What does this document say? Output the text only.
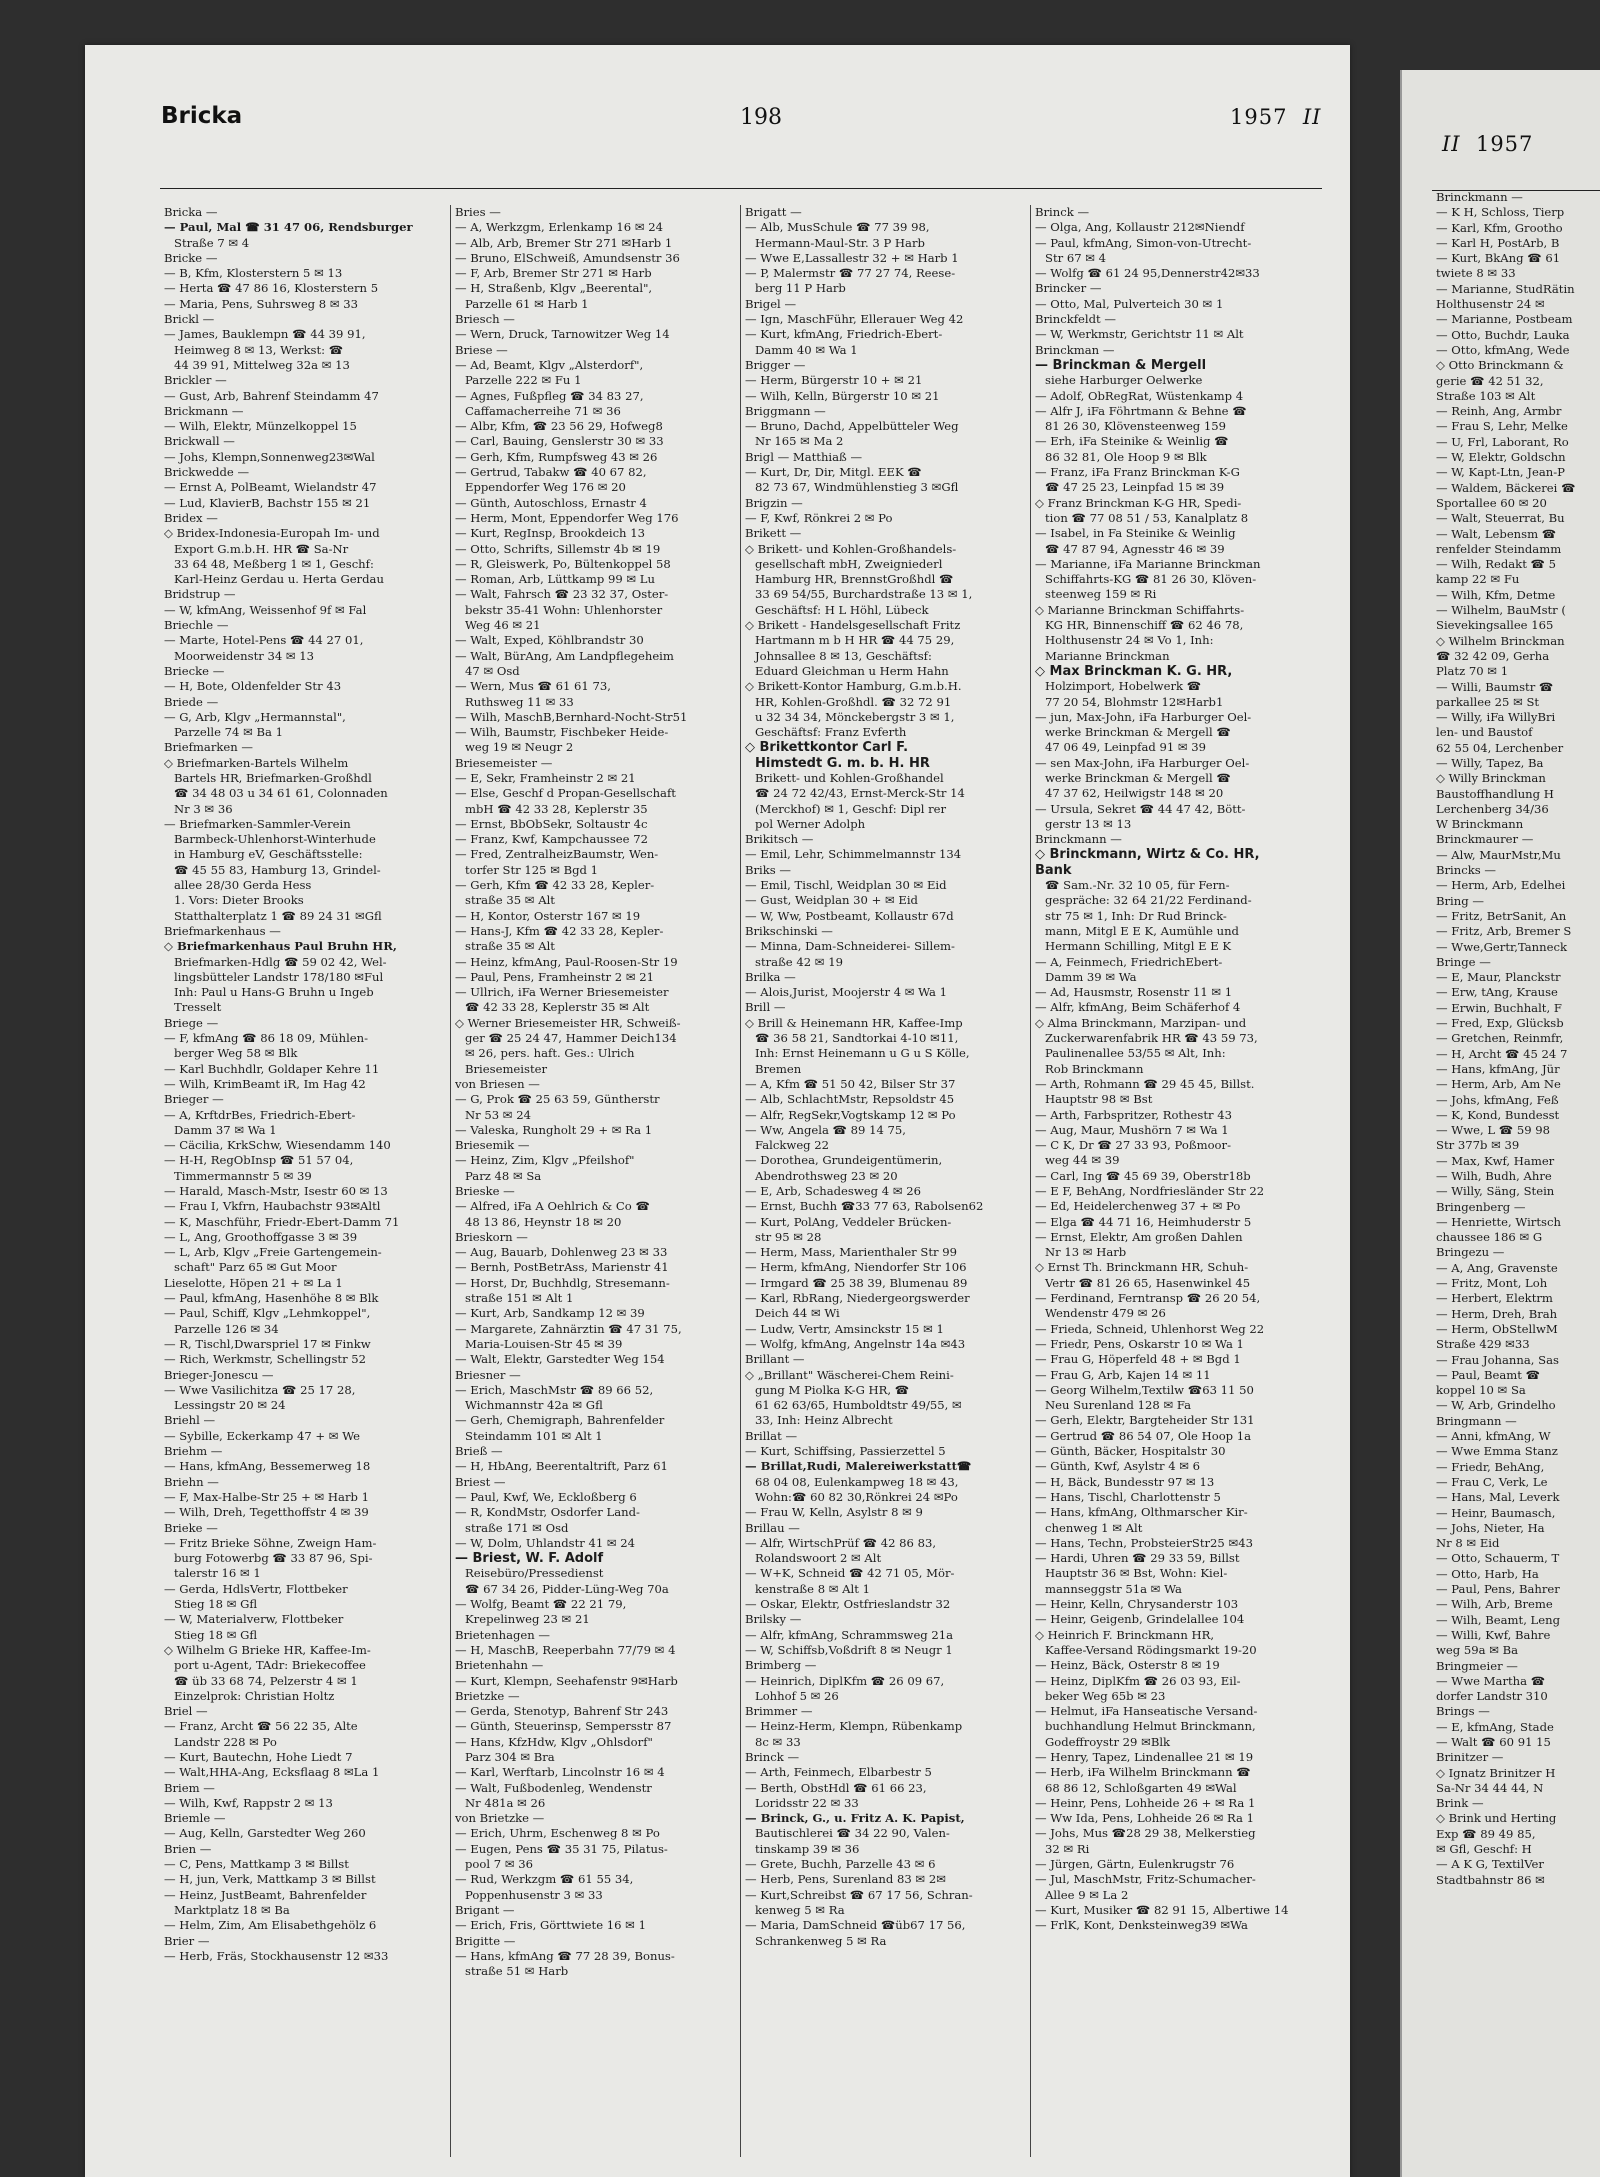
Bricka	198	1957 II
Bricka —
— Paul, Mal ☎ 31 47 06, Rendsburger
Straße 7 ✉ 4
Bricke —
— B, Kfm, Klosterstern 5 ✉ 13
— Herta ☎ 47 86 16, Klosterstern 5
— Maria, Pens, Suhrsweg 8 ✉ 33
Brickl —
— James, Bauklempn ☎ 44 39 91,
Heimweg 8 ✉ 13, Werkst: ☎
44 39 91, Mittelweg 32a ✉ 13
Brickler —
— Gust, Arb, Bahrenf Steindamm 47
Brickmann —
— Wilh, Elektr, Münzelkoppel 15
Brickwall —
— Johs, Klempn,Sonnenweg23✉Wal
Brickwedde —
— Ernst A, PolBeamt, Wielandstr 47
— Lud, KlavierB, Bachstr 155 ✉ 21
Bridex —
◇ Bridex-Indonesia-Europah Im- und
Export G.m.b.H. HR ☎ Sa-Nr
33 64 48, Meßberg 1 ✉ 1, Geschf:
Karl-Heinz Gerdau u. Herta Gerdau
Bridstrup —
— W, kfmAng, Weissenhof 9f ✉ Fal
Briechle —
— Marte, Hotel-Pens ☎ 44 27 01,
Moorweidenstr 34 ✉ 13
Briecke —
— H, Bote, Oldenfelder Str 43
Briede —
— G, Arb, Klgv „Hermannstal",
Parzelle 74 ✉ Ba 1
Briefmarken —
◇ Briefmarken-Bartels Wilhelm
Bartels HR, Briefmarken-Großhdl
☎ 34 48 03 u 34 61 61, Colonnaden
Nr 3 ✉ 36
— Briefmarken-Sammler-Verein
Barmbeck-Uhlenhorst-Winterhude
in Hamburg eV, Geschäftsstelle:
☎ 45 55 83, Hamburg 13, Grindel-
allee 28/30 Gerda Hess
1. Vors: Dieter Brooks
Statthalterplatz 1 ☎ 89 24 31 ✉Gfl
Briefmarkenhaus —
◇ Briefmarkenhaus Paul Bruhn HR,
Briefmarken-Hdlg ☎ 59 02 42, Wel-
lingsbütteler Landstr 178/180 ✉Ful
Inh: Paul u Hans-G Bruhn u Ingeb
Tresselt
Briege —
— F, kfmAng ☎ 86 18 09, Mühlen-
berger Weg 58 ✉ Blk
— Karl Buchhdlr, Goldaper Kehre 11
— Wilh, KrimBeamt iR, Im Hag 42
Brieger —
— A, KrftdrBes, Friedrich-Ebert-
Damm 37 ✉ Wa 1
— Cäcilia, KrkSchw, Wiesendamm 140
— H-H, RegObInsp ☎ 51 57 04,
Timmermannstr 5 ✉ 39
— Harald, Masch-Mstr, Isestr 60 ✉ 13
— Frau I, Vkfrn, Haubachstr 93✉Altl
— K, Maschführ, Friedr-Ebert-Damm 71
— L, Ang, Groothoffgasse 3 ✉ 39
— L, Arb, Klgv „Freie Gartengemein-
schaft" Parz 65 ✉ Gut Moor
Lieselotte, Höpen 21 + ✉ La 1
— Paul, kfmAng, Hasenhöhe 8 ✉ Blk
— Paul, Schiff, Klgv „Lehmkoppel",
Parzelle 126 ✉ 34
— R, Tischl,Dwarspriel 17 ✉ Finkw
— Rich, Werkmstr, Schellingstr 52
Brieger-Jonescu —
— Wwe Vasilichitza ☎ 25 17 28,
Lessingstr 20 ✉ 24
Briehl —
— Sybille, Eckerkamp 47 + ✉ We
Briehm —
— Hans, kfmAng, Bessemerweg 18
Briehn —
— F, Max-Halbe-Str 25 + ✉ Harb 1
— Wilh, Dreh, Tegetthoffstr 4 ✉ 39
Brieke —
— Fritz Brieke Söhne, Zweign Ham-
burg Fotowerbg ☎ 33 87 96, Spi-
talerstr 16 ✉ 1
— Gerda, HdlsVertr, Flottbeker
Stieg 18 ✉ Gfl
— W, Materialverw, Flottbeker
Stieg 18 ✉ Gfl
◇ Wilhelm G Brieke HR, Kaffee-Im-
port u-Agent, TAdr: Briekecoffee
☎ üb 33 68 74, Pelzerstr 4 ✉ 1
Einzelprok: Christian Holtz
Briel —
— Franz, Archt ☎ 56 22 35, Alte
Landstr 228 ✉ Po
— Kurt, Bautechn, Hohe Liedt 7
— Walt,HHA-Ang, Ecksflaag 8 ✉La 1
Briem —
— Wilh, Kwf, Rappstr 2 ✉ 13
Briemle —
— Aug, Kelln, Garstedter Weg 260
Brien —
— C, Pens, Mattkamp 3 ✉ Billst
— H, jun, Verk, Mattkamp 3 ✉ Billst
— Heinz, JustBeamt, Bahrenfelder
Marktplatz 18 ✉ Ba
— Helm, Zim, Am Elisabethgehölz 6
Brier —
— Herb, Fräs, Stockhausenstr 12 ✉33
Bries —
— A, Werkzgm, Erlenkamp 16 ✉ 24
— Alb, Arb, Bremer Str 271 ✉Harb 1
— Bruno, ElSchweiß, Amundsenstr 36
— F, Arb, Bremer Str 271 ✉ Harb
— H, Straßenb, Klgv „Beerental",
Parzelle 61 ✉ Harb 1
Briesch —
— Wern, Druck, Tarnowitzer Weg 14
Briese —
— Ad, Beamt, Klgv „Alsterdorf",
Parzelle 222 ✉ Fu 1
— Agnes, Fußpfleg ☎ 34 83 27,
Caffamacherreihe 71 ✉ 36
— Albr, Kfm, ☎ 23 56 29, Hofweg8
— Carl, Bauing, Genslerstr 30 ✉ 33
— Gerh, Kfm, Rumpfsweg 43 ✉ 26
— Gertrud, Tabakw ☎ 40 67 82,
Eppendorfer Weg 176 ✉ 20
— Günth, Autoschloss, Ernastr 4
— Herm, Mont, Eppendorfer Weg 176
— Kurt, RegInsp, Brookdeich 13
— Otto, Schrifts, Sillemstr 4b ✉ 19
— R, Gleiswerk, Po, Bültenkoppel 58
— Roman, Arb, Lüttkamp 99 ✉ Lu
— Walt, Fahrsch ☎ 23 32 37, Oster-
bekstr 35-41 Wohn: Uhlenhorster
Weg 46 ✉ 21
— Walt, Exped, Köhlbrandstr 30
— Walt, BürAng, Am Landpflegeheim
47 ✉ Osd
— Wern, Mus ☎ 61 61 73,
Ruthsweg 11 ✉ 33
— Wilh, MaschB,Bernhard-Nocht-Str51
— Wilh, Baumstr, Fischbeker Heide-
weg 19 ✉ Neugr 2
Briesemeister —
— E, Sekr, Framheinstr 2 ✉ 21
— Else, Geschf d Propan-Gesellschaft
mbH ☎ 42 33 28, Keplerstr 35
— Ernst, BbObSekr, Soltaustr 4c
— Franz, Kwf, Kampchaussee 72
— Fred, ZentralheizBaumstr, Wen-
torfer Str 125 ✉ Bgd 1
— Gerh, Kfm ☎ 42 33 28, Kepler-
straße 35 ✉ Alt
— H, Kontor, Osterstr 167 ✉ 19
— Hans-J, Kfm ☎ 42 33 28, Kepler-
straße 35 ✉ Alt
— Heinz, kfmAng, Paul-Roosen-Str 19
— Paul, Pens, Framheinstr 2 ✉ 21
— Ullrich, iFa Werner Briesemeister
☎ 42 33 28, Keplerstr 35 ✉ Alt
◇ Werner Briesemeister HR, Schweiß-
ger ☎ 25 24 47, Hammer Deich134
✉ 26, pers. haft. Ges.: Ulrich
Briesemeister
von Briesen —
— G, Prok ☎ 25 63 59, Güntherstr
Nr 53 ✉ 24
— Valeska, Rungholt 29 + ✉ Ra 1
Briesemik —
— Heinz, Zim, Klgv „Pfeilshof"
Parz 48 ✉ Sa
Brieske —
— Alfred, iFa A Oehlrich & Co ☎
48 13 86, Heynstr 18 ✉ 20
Brieskorn —
— Aug, Bauarb, Dohlenweg 23 ✉ 33
— Bernh, PostBetrAss, Marienstr 41
— Horst, Dr, Buchhdlg, Stresemann-
straße 151 ✉ Alt 1
— Kurt, Arb, Sandkamp 12 ✉ 39
— Margarete, Zahnärztin ☎ 47 31 75,
Maria-Louisen-Str 45 ✉ 39
— Walt, Elektr, Garstedter Weg 154
Briesner —
— Erich, MaschMstr ☎ 89 66 52,
Wichmannstr 42a ✉ Gfl
— Gerh, Chemigraph, Bahrenfelder
Steindamm 101 ✉ Alt 1
Brieß —
— H, HbAng, Beerentaltrift, Parz 61
Briest —
— Paul, Kwf, We, Eckloßberg 6
— R, KondMstr, Osdorfer Land-
straße 171 ✉ Osd
— W, Dolm, Uhlandstr 41 ✉ 24
— Briest, W. F. Adolf
Reisebüro/Pressedienst
☎ 67 34 26, Pidder-Lüng-Weg 70a
— Wolfg, Beamt ☎ 22 21 79,
Krepelinweg 23 ✉ 21
Brietenhagen —
— H, MaschB, Reeperbahn 77/79 ✉ 4
Brietenhahn —
— Kurt, Klempn, Seehafenstr 9✉Harb
Brietzke —
— Gerda, Stenotyp, Bahrenf Str 243
— Günth, Steuerinsp, Sempersstr 87
— Hans, KfzHdw, Klgv „Ohlsdorf"
Parz 304 ✉ Bra
— Karl, Werftarb, Lincolnstr 16 ✉ 4
— Walt, Fußbodenleg, Wendenstr
Nr 481a ✉ 26
von Brietzke —
— Erich, Uhrm, Eschenweg 8 ✉ Po
— Eugen, Pens ☎ 35 31 75, Pilatus-
pool 7 ✉ 36
— Rud, Werkzgm ☎ 61 55 34,
Poppenhusenstr 3 ✉ 33
Brigant —
— Erich, Fris, Görttwiete 16 ✉ 1
Brigitte —
— Hans, kfmAng ☎ 77 28 39, Bonus-
straße 51 ✉ Harb
Brigatt —
— Alb, MusSchule ☎ 77 39 98,
Hermann-Maul-Str. 3 P Harb
— Wwe E,Lassallestr 32 + ✉ Harb 1
— P, Malermstr ☎ 77 27 74, Reese-
berg 11 P Harb
Brigel —
— Ign, MaschFühr, Elleraueг Weg 42
— Kurt, kfmAng, Friedrich-Ebert-
Damm 40 ✉ Wa 1
Brigger —
— Herm, Bürgerstr 10 + ✉ 21
— Wilh, Kelln, Bürgerstr 10 ✉ 21
Briggmann —
— Bruno, Dachd, Appelbütteler Weg
Nr 165 ✉ Ma 2
Brigl — Matthiaß —
— Kurt, Dr, Dir, Mitgl. EEK ☎
82 73 67, Windmühlenstieg 3 ✉Gfl
Brigzin —
— F, Kwf, Rönkrei 2 ✉ Po
Brikett —
◇ Brikett- und Kohlen-Großhandels-
gesellschaft mbH, Zweigniederl
Hamburg HR, BrennstGroßhdl ☎
33 69 54/55, Burchardstraße 13 ✉ 1,
Geschäftsf: H L Höhl, Lübeck
◇ Brikett - Handelsgesellschaft Fritz
Hartmann m b H HR ☎ 44 75 29,
Johnsallee 8 ✉ 13, Geschäftsf:
Eduard Gleichman u Herm Hahn
◇ Brikett-Kontor Hamburg, G.m.b.H.
HR, Kohlen-Großhdl. ☎ 32 72 91
u 32 34 34, Mönckebergstr 3 ✉ 1,
Geschäftsf: Franz Evferth
◇ Brikettkontor Carl F.
Himstedt G. m. b. H. HR
Brikett- und Kohlen-Großhandel
☎ 24 72 42/43, Ernst-Merck-Str 14
(Merckhof) ✉ 1, Geschf: Dipl rer
pol Werner Adolph
Brikitsch —
— Emil, Lehr, Schimmelmannstr 134
Briks —
— Emil, Tischl, Weidplan 30 ✉ Eid
— Gust, Weidplan 30 + ✉ Eid
— W, Ww, Postbeamt, Kollaustr 67d
Brikschinski —
— Minna, Dam-Schneiderei- Sillem-
straße 42 ✉ 19
Brilka —
— Alois,Jurist, Moojerstr 4 ✉ Wa 1
Brill —
◇ Brill & Heinemann HR, Kaffee-Imp
☎ 36 58 21, Sandtorkai 4-10 ✉11,
Inh: Ernst Heinemann u G u S Kölle,
Bremen
— A, Kfm ☎ 51 50 42, Bilser Str 37
— Alb, SchlachtMstr, Repsoldstr 45
— Alfr, RegSekr,Vogtskamp 12 ✉ Po
— Ww, Angela ☎ 89 14 75,
Falckweg 22
— Dorothea, Grundeigentümerin,
Abendrothsweg 23 ✉ 20
— E, Arb, Schadesweg 4 ✉ 26
— Ernst, Buchh ☎33 77 63, Rabolsen62
— Kurt, PolAng, Veddeler Brücken-
str 95 ✉ 28
— Herm, Mass, Marienthaler Str 99
— Herm, kfmAng, Niendorfer Str 106
— Irmgard ☎ 25 38 39, Blumenau 89
— Karl, RbRang, Niedergeorgswerder
Deich 44 ✉ Wi
— Ludw, Vertr, Amsinckstr 15 ✉ 1
— Wolfg, kfmAng, Angelnstr 14a ✉43
Brillant —
◇ „Brillant" Wäscherei-Chem Reini-
gung M Piolka K-G HR, ☎
61 62 63/65, Humboldtstr 49/55, ✉
33, Inh: Heinz Albrecht
Brillat —
— Kurt, Schiffsing, Passierzettel 5
— Brillat,Rudi, Malereiwerkstatt☎
68 04 08, Eulenkampweg 18 ✉ 43,
Wohn:☎ 60 82 30,Rönkrei 24 ✉Po
— Frau W, Kelln, Asylstr 8 ✉ 9
Brillau —
— Alfr, WirtschPrüf ☎ 42 86 83,
Rolandswoort 2 ✉ Alt
— W+K, Schneid ☎ 42 71 05, Mör-
kenstraße 8 ✉ Alt 1
— Oskar, Elektr, Ostfrieslandstr 32
Brilsky —
— Alfr, kfmAng, Schrammsweg 21a
— W, Schiffsb,Voßdrift 8 ✉ Neugr 1
Brimberg —
— Heinrich, DiplKfm ☎ 26 09 67,
Lohhof 5 ✉ 26
Brimmer —
— Heinz-Herm, Klempn, Rübenkamp
8c ✉ 33
Brinck —
— Arth, Feinmech, Elbarbestr 5
— Berth, ObstHdl ☎ 61 66 23,
Loridsstr 22 ✉ 33
— Brinck, G., u. Fritz A. K. Papist,
Bautischlerei ☎ 34 22 90, Valen-
tinskamp 39 ✉ 36
— Grete, Buchh, Parzelle 43 ✉ 6
— Herb, Pens, Surenland 83 ✉ 2✉
— Kurt,Schreibst ☎ 67 17 56, Schran-
kenweg 5 ✉ Ra
— Maria, DamSchneid ☎üb67 17 56,
Schrankenweg 5 ✉ Ra
Brinck —
— Olga, Ang, Kollaustr 212✉Niendf
— Paul, kfmAng, Simon-von-Utrecht-
Str 67 ✉ 4
— Wolfg ☎ 61 24 95,Dennerstr42✉33
Brincker —
— Otto, Mal, Pulverteich 30 ✉ 1
Brinckfeldt —
— W, Werkmstr, Gerichtstr 11 ✉ Alt
Brinckman —
— Brinckman & Mergell
siehe Harburger Oelwerke
— Adolf, ObRegRat, Wüstenkamp 4
— Alfr J, iFa Föhrtmann & Behne ☎
81 26 30, Klövensteenweg 159
— Erh, iFa Steinike & Weinlig ☎
86 32 81, Ole Hoop 9 ✉ Blk
— Franz, iFa Franz Brinckman K-G
☎ 47 25 23, Leinpfad 15 ✉ 39
◇ Franz Brinckman K-G HR, Spedi-
tion ☎ 77 08 51 / 53, Kanalplatz 8
— Isabel, in Fa Steinike & Weinlig
☎ 47 87 94, Agnesstr 46 ✉ 39
— Marianne, iFa Marianne Brinckman
Schiffahrts-KG ☎ 81 26 30, Klöven-
steenweg 159 ✉ Ri
◇ Marianne Brinckman Schiffahrts-
KG HR, Binnenschiff ☎ 62 46 78,
Holthusenstr 24 ✉ Vo 1, Inh:
Marianne Brinckman
◇ Max Brinckman K. G. HR,
Holzimport, Hobelwerk ☎
77 20 54, Blohmstr 12✉Harb1
— jun, Max-John, iFa Harburger Oel-
werke Brinckman & Mergell ☎
47 06 49, Leinpfad 91 ✉ 39
— sen Max-John, iFa Harburger Oel-
werke Brinckman & Mergell ☎
47 37 62, Heilwigstr 148 ✉ 20
— Ursula, Sekret ☎ 44 47 42, Bött-
gerstr 13 ✉ 13
Brinckmann —
◇ Brinckmann, Wirtz & Co. HR,
Bank
☎ Sam.-Nr. 32 10 05, für Fern-
gespräche: 32 64 21/22 Ferdinand-
str 75 ✉ 1, Inh: Dr Rud Brinck-
mann, Mitgl E E K, Aumühle und
Hermann Schilling, Mitgl E E K
— A, Feinmech, FriedrichEbert-
Damm 39 ✉ Wa
— Ad, Hausmstr, Rosenstr 11 ✉ 1
— Alfr, kfmAng, Beim Schäferhof 4
◇ Alma Brinckmann, Marzipan- und
Zuckerwarenfabrik HR ☎ 43 59 73,
Paulinenallee 53/55 ✉ Alt, Inh:
Rob Brinckmann
— Arth, Rohmann ☎ 29 45 45, Billst.
Hauptstr 98 ✉ Bst
— Arth, Farbspritzer, Rothestr 43
— Aug, Maur, Mushörn 7 ✉ Wa 1
— C K, Dr ☎ 27 33 93, Poßmoor-
weg 44 ✉ 39
— Carl, Ing ☎ 45 69 39, Oberstr18b
— E F, BehAng, Nordfriesländer Str 22
— Ed, Heidelerchenweg 37 + ✉ Po
— Elga ☎ 44 71 16, Heimhuderstr 5
— Ernst, Elektr, Am großen Dahlen
Nr 13 ✉ Harb
◇ Ernst Th. Brinckmann HR, Schuh-
Vertr ☎ 81 26 65, Hasenwinkel 45
— Ferdinand, Ferntransp ☎ 26 20 54,
Wendenstr 479 ✉ 26
— Frieda, Schneid, Uhlenhorst Weg 22
— Friedr, Pens, Oskarstr 10 ✉ Wa 1
— Frau G, Höperfeld 48 + ✉ Bgd 1
— Frau G, Arb, Kajen 14 ✉ 11
— Georg Wilhelm,Textilw ☎63 11 50
Neu Surenland 128 ✉ Fa
— Gerh, Elektr, Bargteheider Str 131
— Gertrud ☎ 86 54 07, Ole Hoop 1a
— Günth, Bäcker, Hospitalstr 30
— Günth, Kwf, Asylstr 4 ✉ 6
— H, Bäck, Bundesstr 97 ✉ 13
— Hans, Tischl, Charlottenstr 5
— Hans, kfmAng, Olthmarscher Kir-
chenweg 1 ✉ Alt
— Hans, Techn, ProbsteierStr25 ✉43
— Hardi, Uhren ☎ 29 33 59, Billst
Hauptstr 36 ✉ Bst, Wohn: Kiel-
mannseggstr 51a ✉ Wa
— Heinr, Kelln, Chrysanderstr 103
— Heinr, Geigenb, Grindelallee 104
◇ Heinrich F. Brinckmann HR,
Kaffee-Versand Rödingsmarkt 19-20
— Heinz, Bäck, Osterstr 8 ✉ 19
— Heinz, DiplKfm ☎ 26 03 93, Eil-
beker Weg 65b ✉ 23
— Helmut, iFa Hanseatische Versand-
buchhandlung Helmut Brinckmann,
Godeffroystr 29 ✉Blk
— Henry, Tapez, Lindenallee 21 ✉ 19
— Herb, iFa Wilhelm Brinckmann ☎
68 86 12, Schloßgarten 49 ✉Wal
— Heinr, Pens, Lohheide 26 + ✉ Ra 1
— Ww Ida, Pens, Lohheide 26 ✉ Ra 1
— Johs, Mus ☎28 29 38, Melkerstieg
32 ✉ Ri
— Jürgen, Gärtn, Eulenkrugstr 76
— Jul, MaschMstr, Fritz-Schumacher-
Allee 9 ✉ La 2
— Kurt, Musiker ☎ 82 91 15, Albertiwe 14
— FrlK, Kont, Denksteinweg39 ✉Wa
II 1957
Brinckmann —
— K H, Schloss, Tierp
— Karl, Kfm, Grootho
— Karl H, PostArb, B
— Kurt, BkAng ☎ 61
twiete 8 ✉ 33
— Marianne, StudRätin
Holthusenstr 24 ✉
— Marianne, Postbeam
— Otto, Buchdr, Lauka
— Otto, kfmAng, Wede
◇ Otto Brinckmann &
gerie ☎ 42 51 32,
Straße 103 ✉ Alt
— Reinh, Ang, Armbr
— Frau S, Lehr, Melke
— U, Frl, Laborant, Ro
— W, Elektr, Goldschn
— W, Kapt-Ltn, Jean-P
— Waldem, Bäckerei ☎
Sportallee 60 ✉ 20
— Walt, Steuerrat, Bu
— Walt, Lebensm ☎
renfelder Steindamm
— Wilh, Redakt ☎ 5
kamp 22 ✉ Fu
— Wilh, Kfm, Detme
— Wilhelm, BauMstr (
Sievekingsallee 165
◇ Wilhelm Brinckman
☎ 32 42 09, Gerha
Platz 70 ✉ 1
— Willi, Baumstr ☎
parkallee 25 ✉ St
— Willy, iFa WillyBri
len- und Baustof
62 55 04, Lerchenber
— Willy, Tapez, Ba
◇ Willy Brinckman
Baustoffhandlung H
Lerchenberg 34/36
W Brinckmann
Brinckmaurer —
— Alw, MaurMstr,Mu
Brincks —
— Herm, Arb, Edelhei
Bring —
— Fritz, BetrSanit, An
— Fritz, Arb, Bremer S
— Wwe,Gertr,Tanneck
Bringe —
— E, Maur, Planckstr
— Erw, tAng, Krause
— Erwin, Buchhalt, F
— Fred, Exp, Glücksb
— Gretchen, Reinmfr,
— H, Archt ☎ 45 24 7
— Hans, kfmAng, Jür
— Herm, Arb, Am Ne
— Johs, kfmAng, Feß
— K, Kond, Bundesst
— Wwe, L ☎ 59 98
Str 377b ✉ 39
— Max, Kwf, Hamer
— Wilh, Budh, Ahre
— Willy, Säng, Stein
Bringenberg —
— Henriette, Wirtsch
chaussee 186 ✉ G
Bringezu —
— A, Ang, Gravenste
— Fritz, Mont, Loh
— Herbert, Elektrm
— Herm, Dreh, Brah
— Herm, ObStellwM
Straße 429 ✉33
— Frau Johanna, Sas
— Paul, Beamt ☎
koppel 10 ✉ Sa
— W, Arb, Grindelho
Bringmann —
— Anni, kfmAng, W
— Wwe Emma Stanz
— Friedr, BehAng,
— Frau C, Verk, Le
— Hans, Mal, Leverk
— Heinr, Baumasch,
— Johs, Nieter, Ha
Nr 8 ✉ Eid
— Otto, Schauerm, T
— Otto, Harb, Ha
— Paul, Pens, Bahrer
— Wilh, Arb, Breme
— Wilh, Beamt, Leng
— Willi, Kwf, Bahre
weg 59a ✉ Ba
Bringmeier —
— Wwe Martha ☎
dorfer Landstr 310
Brings —
— E, kfmAng, Stade
— Walt ☎ 60 91 15
Brinitzer —
◇ Ignatz Brinitzer H
Sa-Nr 34 44 44, N
Brink —
◇ Brink und Herting
Exp ☎ 89 49 85,
✉ Gfl, Geschf: H
— A K G, TextilVer
Stadtbahnstr 86 ✉
